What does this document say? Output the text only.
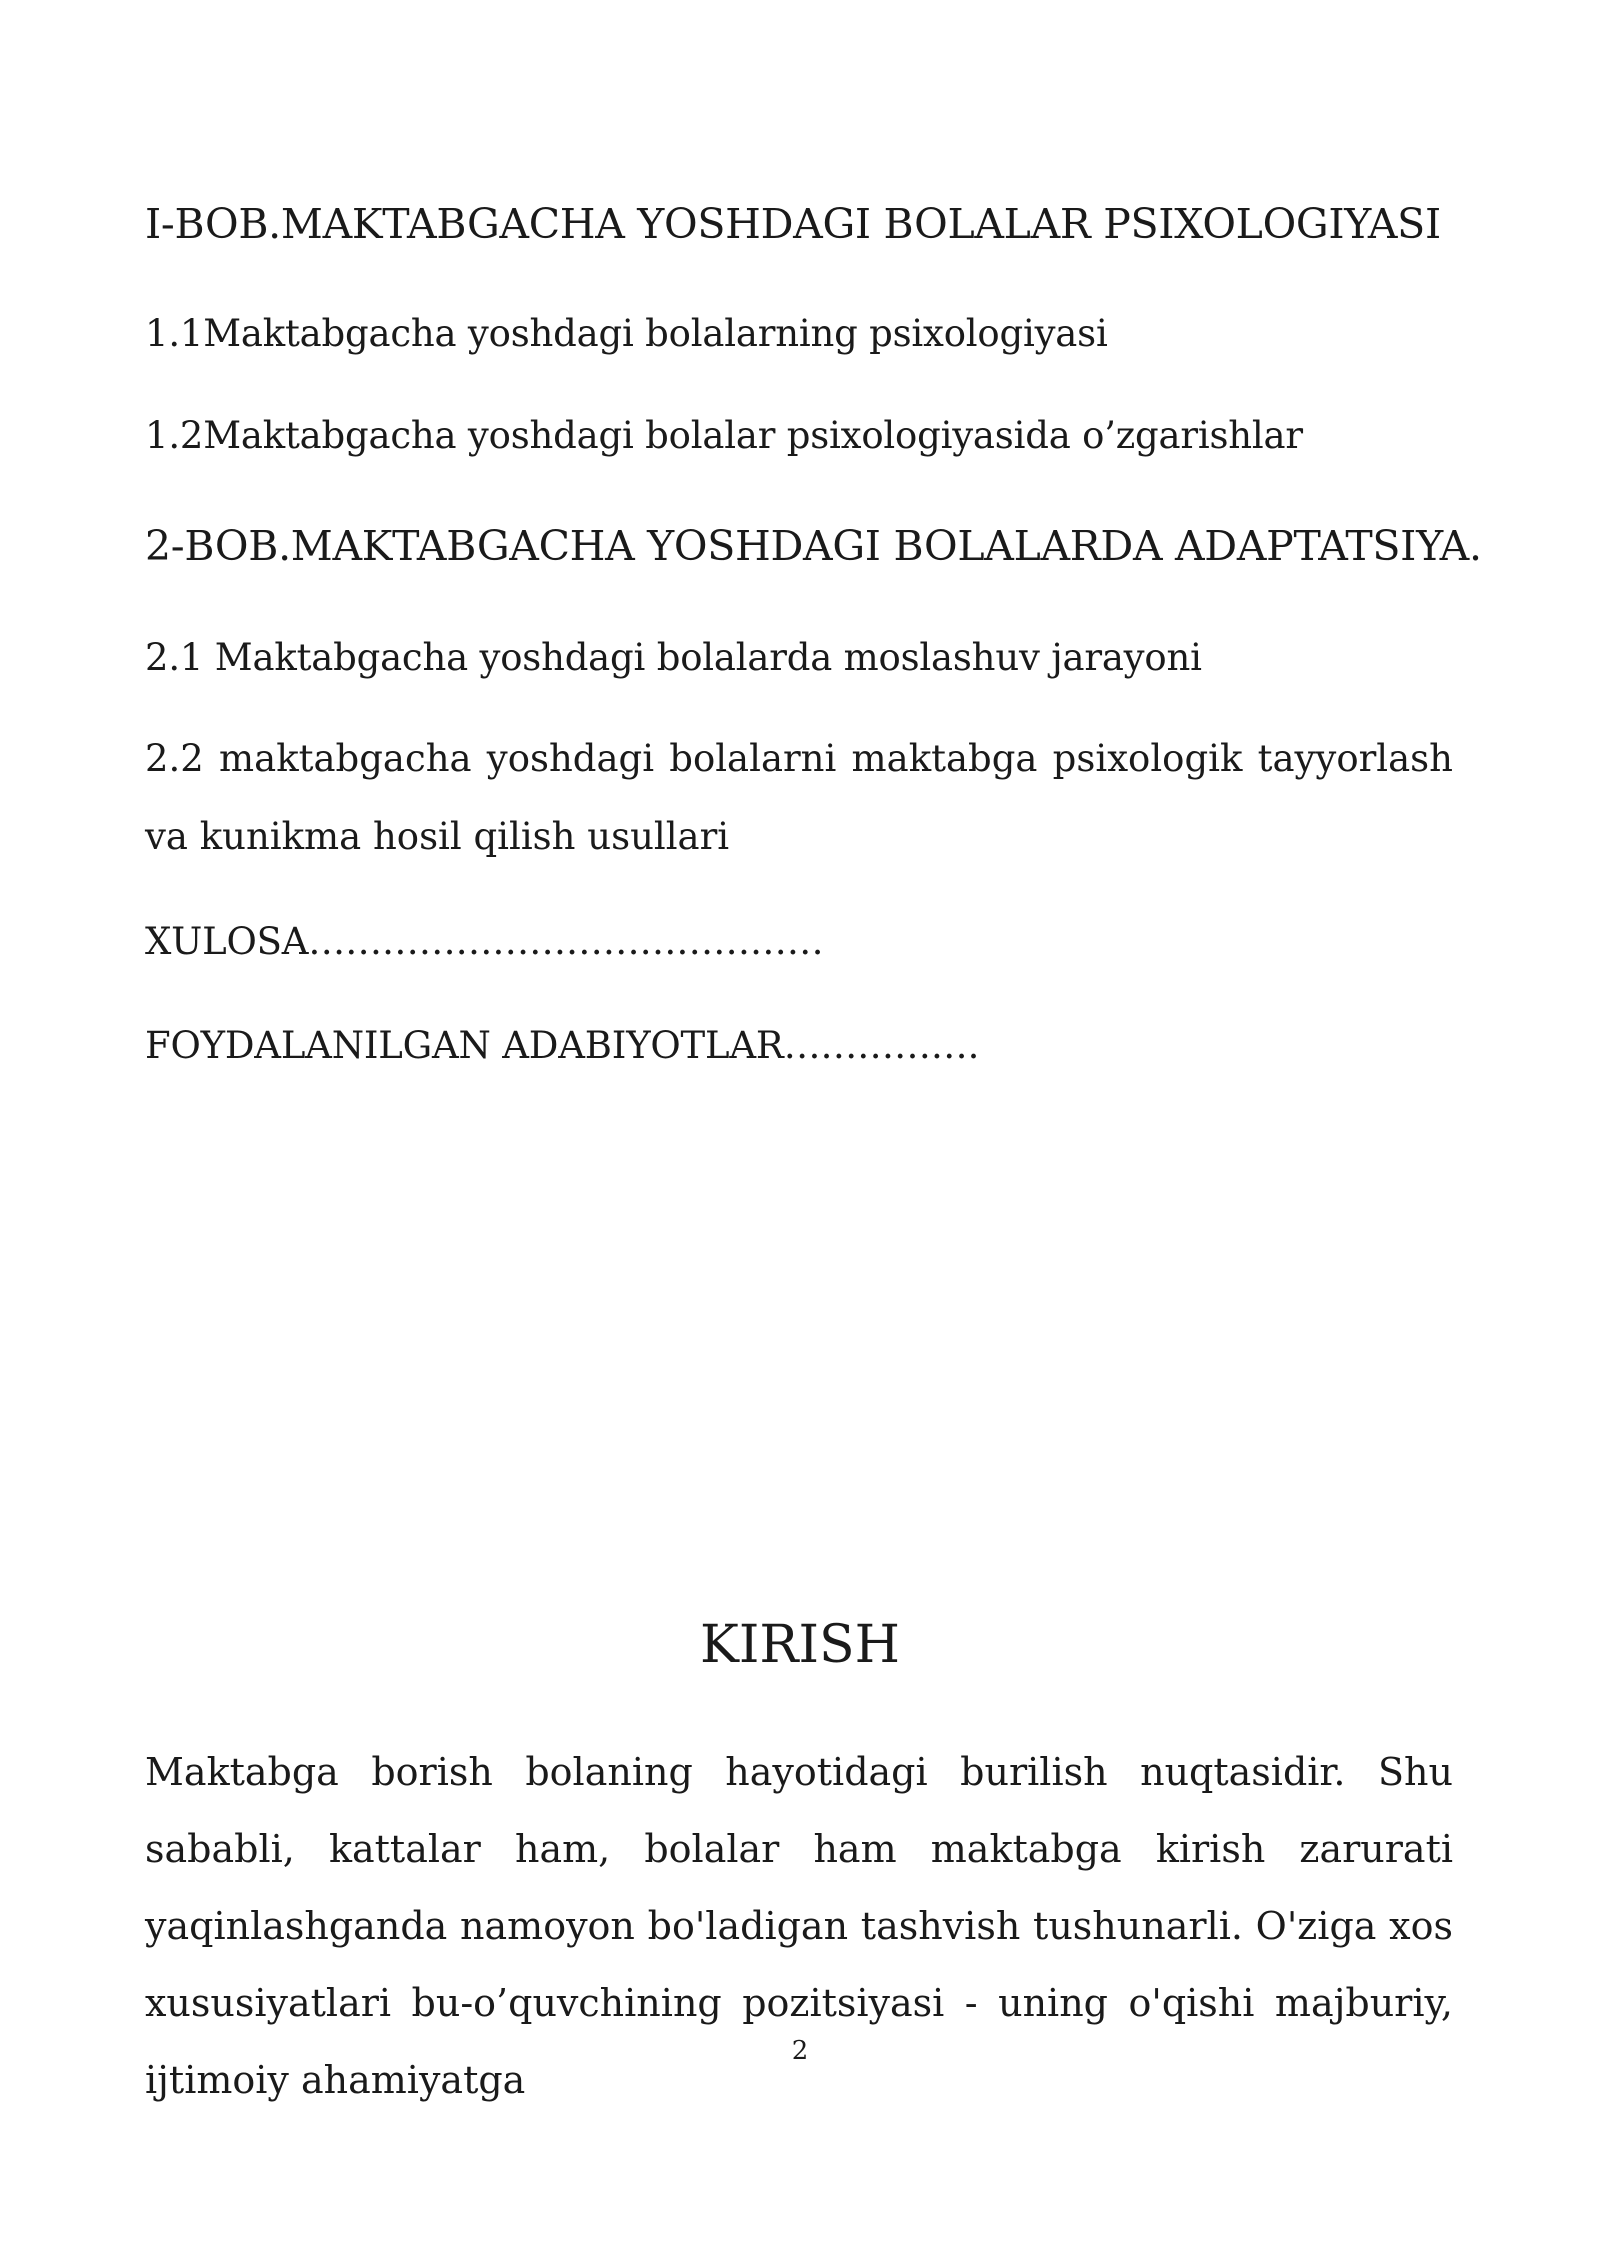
I-BOB.MAKTABGACHA YOSHDAGI BOLALAR PSIXOLOGIYASI
1.1Maktabgacha yoshdagi bolalarning psixologiyasi
1.2Maktabgacha yoshdagi bolalar psixologiyasida o’zgarishlar
2-BOB.MAKTABGACHA YOSHDAGI BOLALARDA ADAPTATSIYA.
2.1 Maktabgacha yoshdagi bolalarda moslashuv jarayoni
2.2 maktabgacha yoshdagi bolalarni maktabga psixologik tayyorlash va kunikma hosil qilish usullari
XULOSA……………………………………
FOYDALANILGAN ADABIYOTLAR…………….
KIRISH
Maktabga borish bolaning hayotidagi burilish nuqtasidir. Shu sababli, kattalar ham, bolalar ham maktabga kirish zarurati yaqinlashganda namoyon bo'ladigan tashvish tushunarli. O'ziga xos xususiyatlari bu-o’quvchining pozitsiyasi - uning o'qishi majburiy, ijtimoiy ahamiyatga
2
